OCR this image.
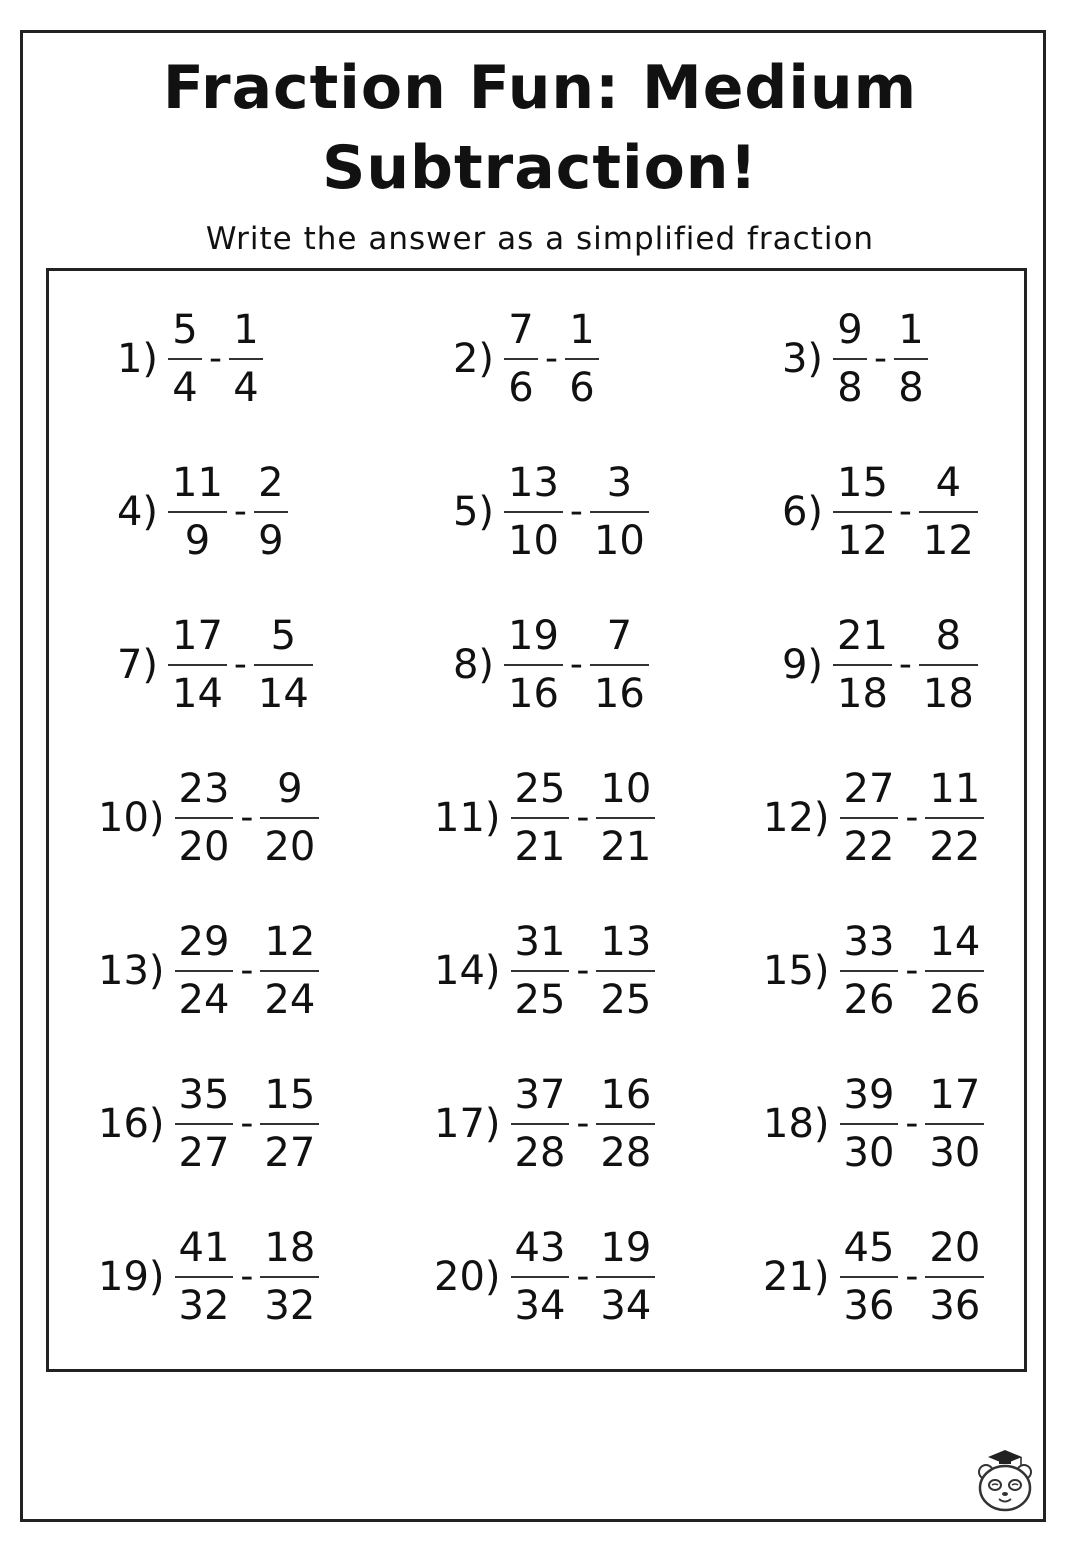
Fraction Fun: Medium
Subtraction!
Write the answer as a simplified fraction
$1) \frac{5}{4} - \frac{1}{4}$	$2) \frac{7}{6} - \frac{1}{6}$	$3) \frac{9}{8} - \frac{1}{8}$
$4) \frac{11}{9} - \frac{2}{9}$	$5) \frac{13}{10} - \frac{3}{10}$	$6) \frac{15}{12} - \frac{4}{12}$
$7) \frac{17}{14} - \frac{5}{14}$	$8) \frac{19}{16} - \frac{7}{16}$	$9) \frac{21}{18} - \frac{8}{18}$
$10) \frac{23}{20} - \frac{9}{20}$	$11) \frac{25}{21} - \frac{10}{21}$	$12) \frac{27}{22} - \frac{11}{22}$
$13) \frac{29}{24} - \frac{12}{24}$	$14) \frac{31}{25} - \frac{13}{25}$	$15) \frac{33}{26} - \frac{14}{26}$
$16) \frac{35}{27} - \frac{15}{27}$	$17) \frac{37}{28} - \frac{16}{28}$	$18) \frac{39}{30} - \frac{17}{30}$
$19) \frac{41}{32} - \frac{18}{32}$	$20) \frac{43}{34} - \frac{19}{34}$	$21) \frac{45}{36} - \frac{20}{36}$
